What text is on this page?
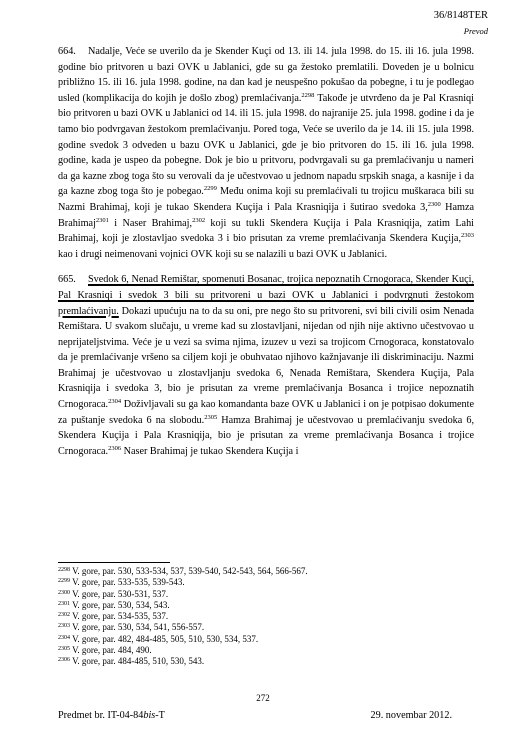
36/8148TER
Prevod

664. Nadalje, Veće se uverilo da je Skender Kuçi od 13. ili 14. jula 1998. do 15. ili 16. jula 1998. godine bio pritvoren u bazi OVK u Jablanici, gde su ga žestoko premlatili. Doveden je u bolnicu približno 15. ili 16. jula 1998. godine, na dan kad je neuspešno pokušao da pobegne, i tu je podlegao usled (komplikacija do kojih je došlo zbog) premlaćivanja.$^{2298}$ Takođe je utvrđeno da je Pal Krasniqi bio pritvoren u bazi OVK u Jablanici od 14. ili 15. jula 1998. do najranije 25. jula 1998. godine i da je tamo bio podvrgavan žestokom premlaćivanju. Pored toga, Veće se uverilo da je 14. ili 15. jula 1998. godine svedok 3 odveden u bazu OVK u Jablanici, gde je bio pritvoren do 15. ili 16. jula 1998. godine, kada je uspeo da pobegne. Dok je bio u pritvoru, podvrgavali su ga premlaćivanju u nameri da ga kazne zbog toga što su verovali da je učestvovao u jednom napadu srpskih snaga, a kasnije i da ga kazne zbog toga što je pobegao.$^{2299}$ Među onima koji su premlaćivali tu trojicu muškaraca bili su Nazmi Brahimaj, koji je tukao Skendera Kuçija i Pala Krasniqija i šutirao svedoka 3,$^{2300}$ Hamza Brahimaj$^{2301}$ i Naser Brahimaj,$^{2302}$ koji su tukli Skendera Kuçija i Pala Krasniqija, zatim Lahi Brahimaj, koji je zlostavljao svedoka 3 i bio prisutan za vreme premlaćivanja Skendera Kuçija,$^{2303}$ kao i drugi neimenovani vojnici OVK koji su se nalazili u bazi OVK u Jablanici.

665. Svedok 6, Nenad Remištar, spomenuti Bosanac, trojica nepoznatih Crnogoraca, Skender Kuçi, Pal Krasniqi i svedok 3 bili su pritvoreni u bazi OVK u Jablanici i podvrgnuti žestokom premlaćivanju. Dokazi upućuju na to da su oni, pre nego što su pritvoreni, svi bili civili osim Nenada Remištara. U svakom slučaju, u vreme kad su zlostavljani, nijedan od njih nije aktivno učestvovao u neprijateljstvima. Veće je u vezi sa svima njima, izuzev u vezi sa trojicom Crnogoraca, konstatovalo da je premlaćivanje vršeno sa ciljem koji je obuhvatao njihovo kažnjavanje ili diskriminaciju. Nazmi Brahimaj je učestvovao u zlostavljanju svedoka 6, Nenada Remištara, Skendera Kuçija, Pala Krasniqija i svedoka 3, bio je prisutan za vreme premlaćivanja Bosanca i trojice nepoznatih Crnogoraca.$^{2304}$ Doživljavali su ga kao komandanta baze OVK u Jablanici i on je potpisao dokumente za puštanje svedoka 6 na slobodu.$^{2305}$ Hamza Brahimaj je učestvovao u premlaćivanju svedoka 6, Skendera Kuçija i Pala Krasniqija, bio je prisutan za vreme premlaćivanja Bosanca i trojice Crnogoraca.$^{2306}$ Naser Brahimaj je tukao Skendera Kuçija i

$^{2298}$ V. gore, par. 530, 533-534, 537, 539-540, 542-543, 564, 566-567.

$^{2299}$ V. gore, par. 533-535, 539-543.

$^{2300}$ V. gore, par. 530-531, 537.

$^{2301}$ V. gore, par. 530, 534, 543.

$^{2302}$ V. gore, par. 534-535, 537.

$^{2303}$ V. gore, par. 530, 534, 541, 556-557.

$^{2304}$ V. gore, par. 482, 484-485, 505, 510, 530, 534, 537.

$^{2305}$ V. gore, par. 484, 490.

$^{2306}$ V. gore, par. 484-485, 510, 530, 543.

272
Predmet br. IT-04-84bis-T	29. novembar 2012.
